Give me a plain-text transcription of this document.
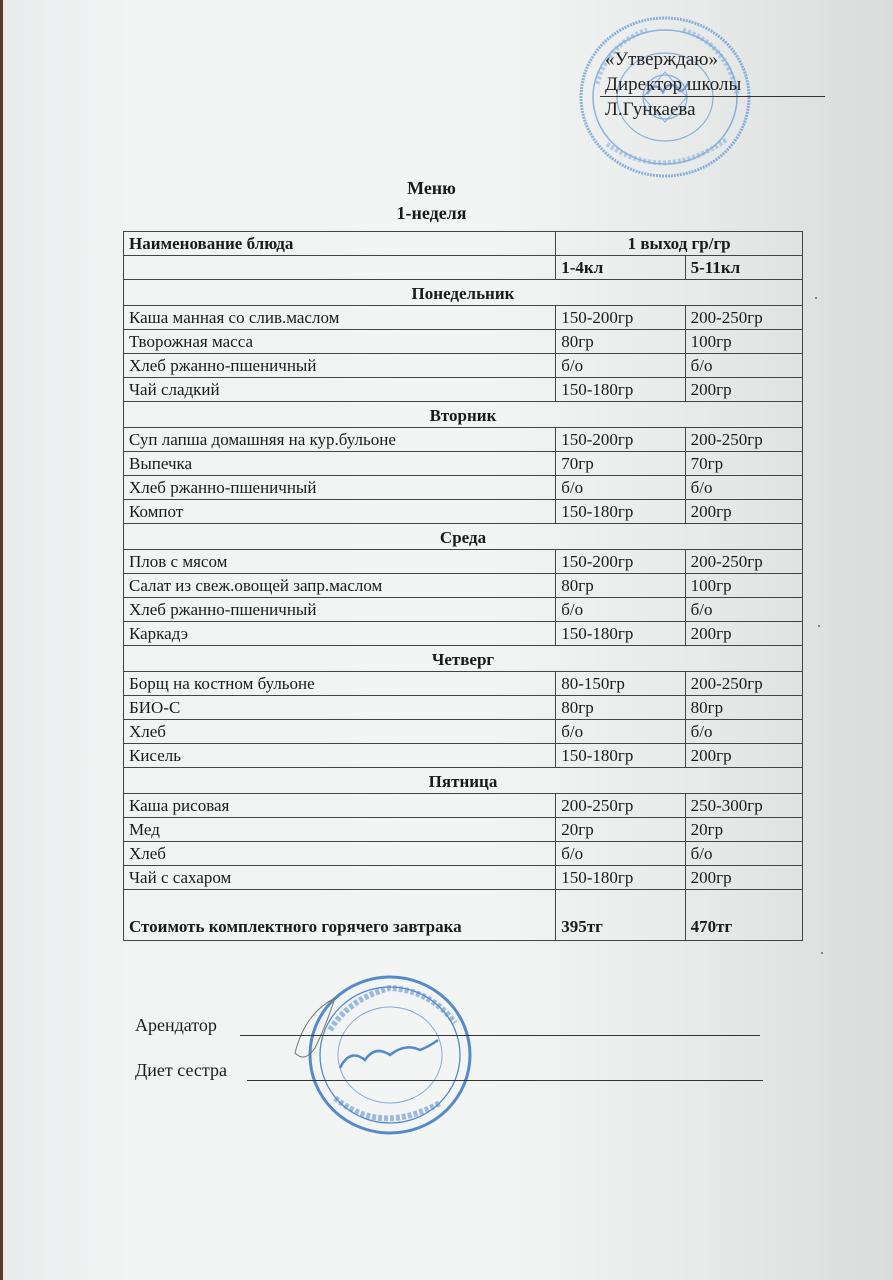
«Утверждаю»
Директор школы
Л.Гункаева
Меню
1-неделя
Наименование блюда	1 выход гр/гр	
	1-4кл	5-11кл
Понедельник		
Каша манная со слив.маслом	150-200гр	200-250гр
Творожная масса	80гр	100гр
Хлеб ржанно-пшеничный	б/о	б/о
Чай сладкий	150-180гр	200гр
Вторник		
Суп лапша домашняя на кур.бульоне	150-200гр	200-250гр
Выпечка	70гр	70гр
Хлеб ржанно-пшеничный	б/о	б/о
Компот	150-180гр	200гр
Среда		
Плов с мясом	150-200гр	200-250гр
Салат из свеж.овощей запр.маслом	80гр	100гр
Хлеб ржанно-пшеничный	б/о	б/о
Каркадэ	150-180гр	200гр
Четверг		
Борщ на костном бульоне	80-150гр	200-250гр
БИО-С	80гр	80гр
Хлеб	б/о	б/о
Кисель	150-180гр	200гр
Пятница		
Каша рисовая	200-250гр	250-300гр
Мед	20гр	20гр
Хлеб	б/о	б/о
Чай с сахаром	150-180гр	200гр
Стоимоть комплектного горячего завтрака	395тг	470тг
Арендатор
Диет сестра
